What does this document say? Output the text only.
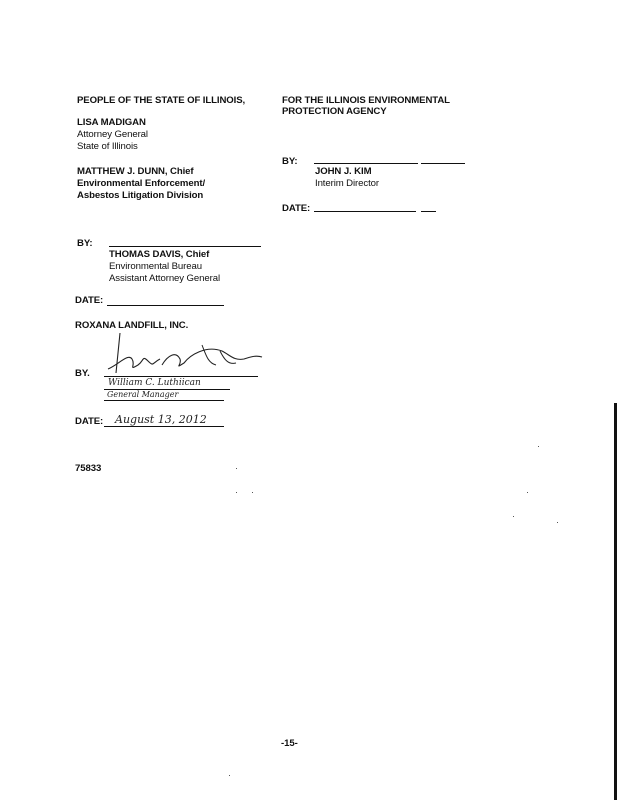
PEOPLE OF THE STATE OF ILLINOIS,
LISA MADIGAN
Attorney General
State of Illinois
MATTHEW J. DUNN, Chief
Environmental Enforcement/
Asbestos Litigation Division
BY:
THOMAS DAVIS, Chief
Environmental Bureau
Assistant Attorney General
DATE:
FOR THE ILLINOIS ENVIRONMENTAL
PROTECTION AGENCY
BY:
JOHN J. KIM
Interim Director
DATE:
ROXANA LANDFILL, INC.
BY.
William C. Luthiican
General Manager
DATE: August 13, 2012
75833
-15-
